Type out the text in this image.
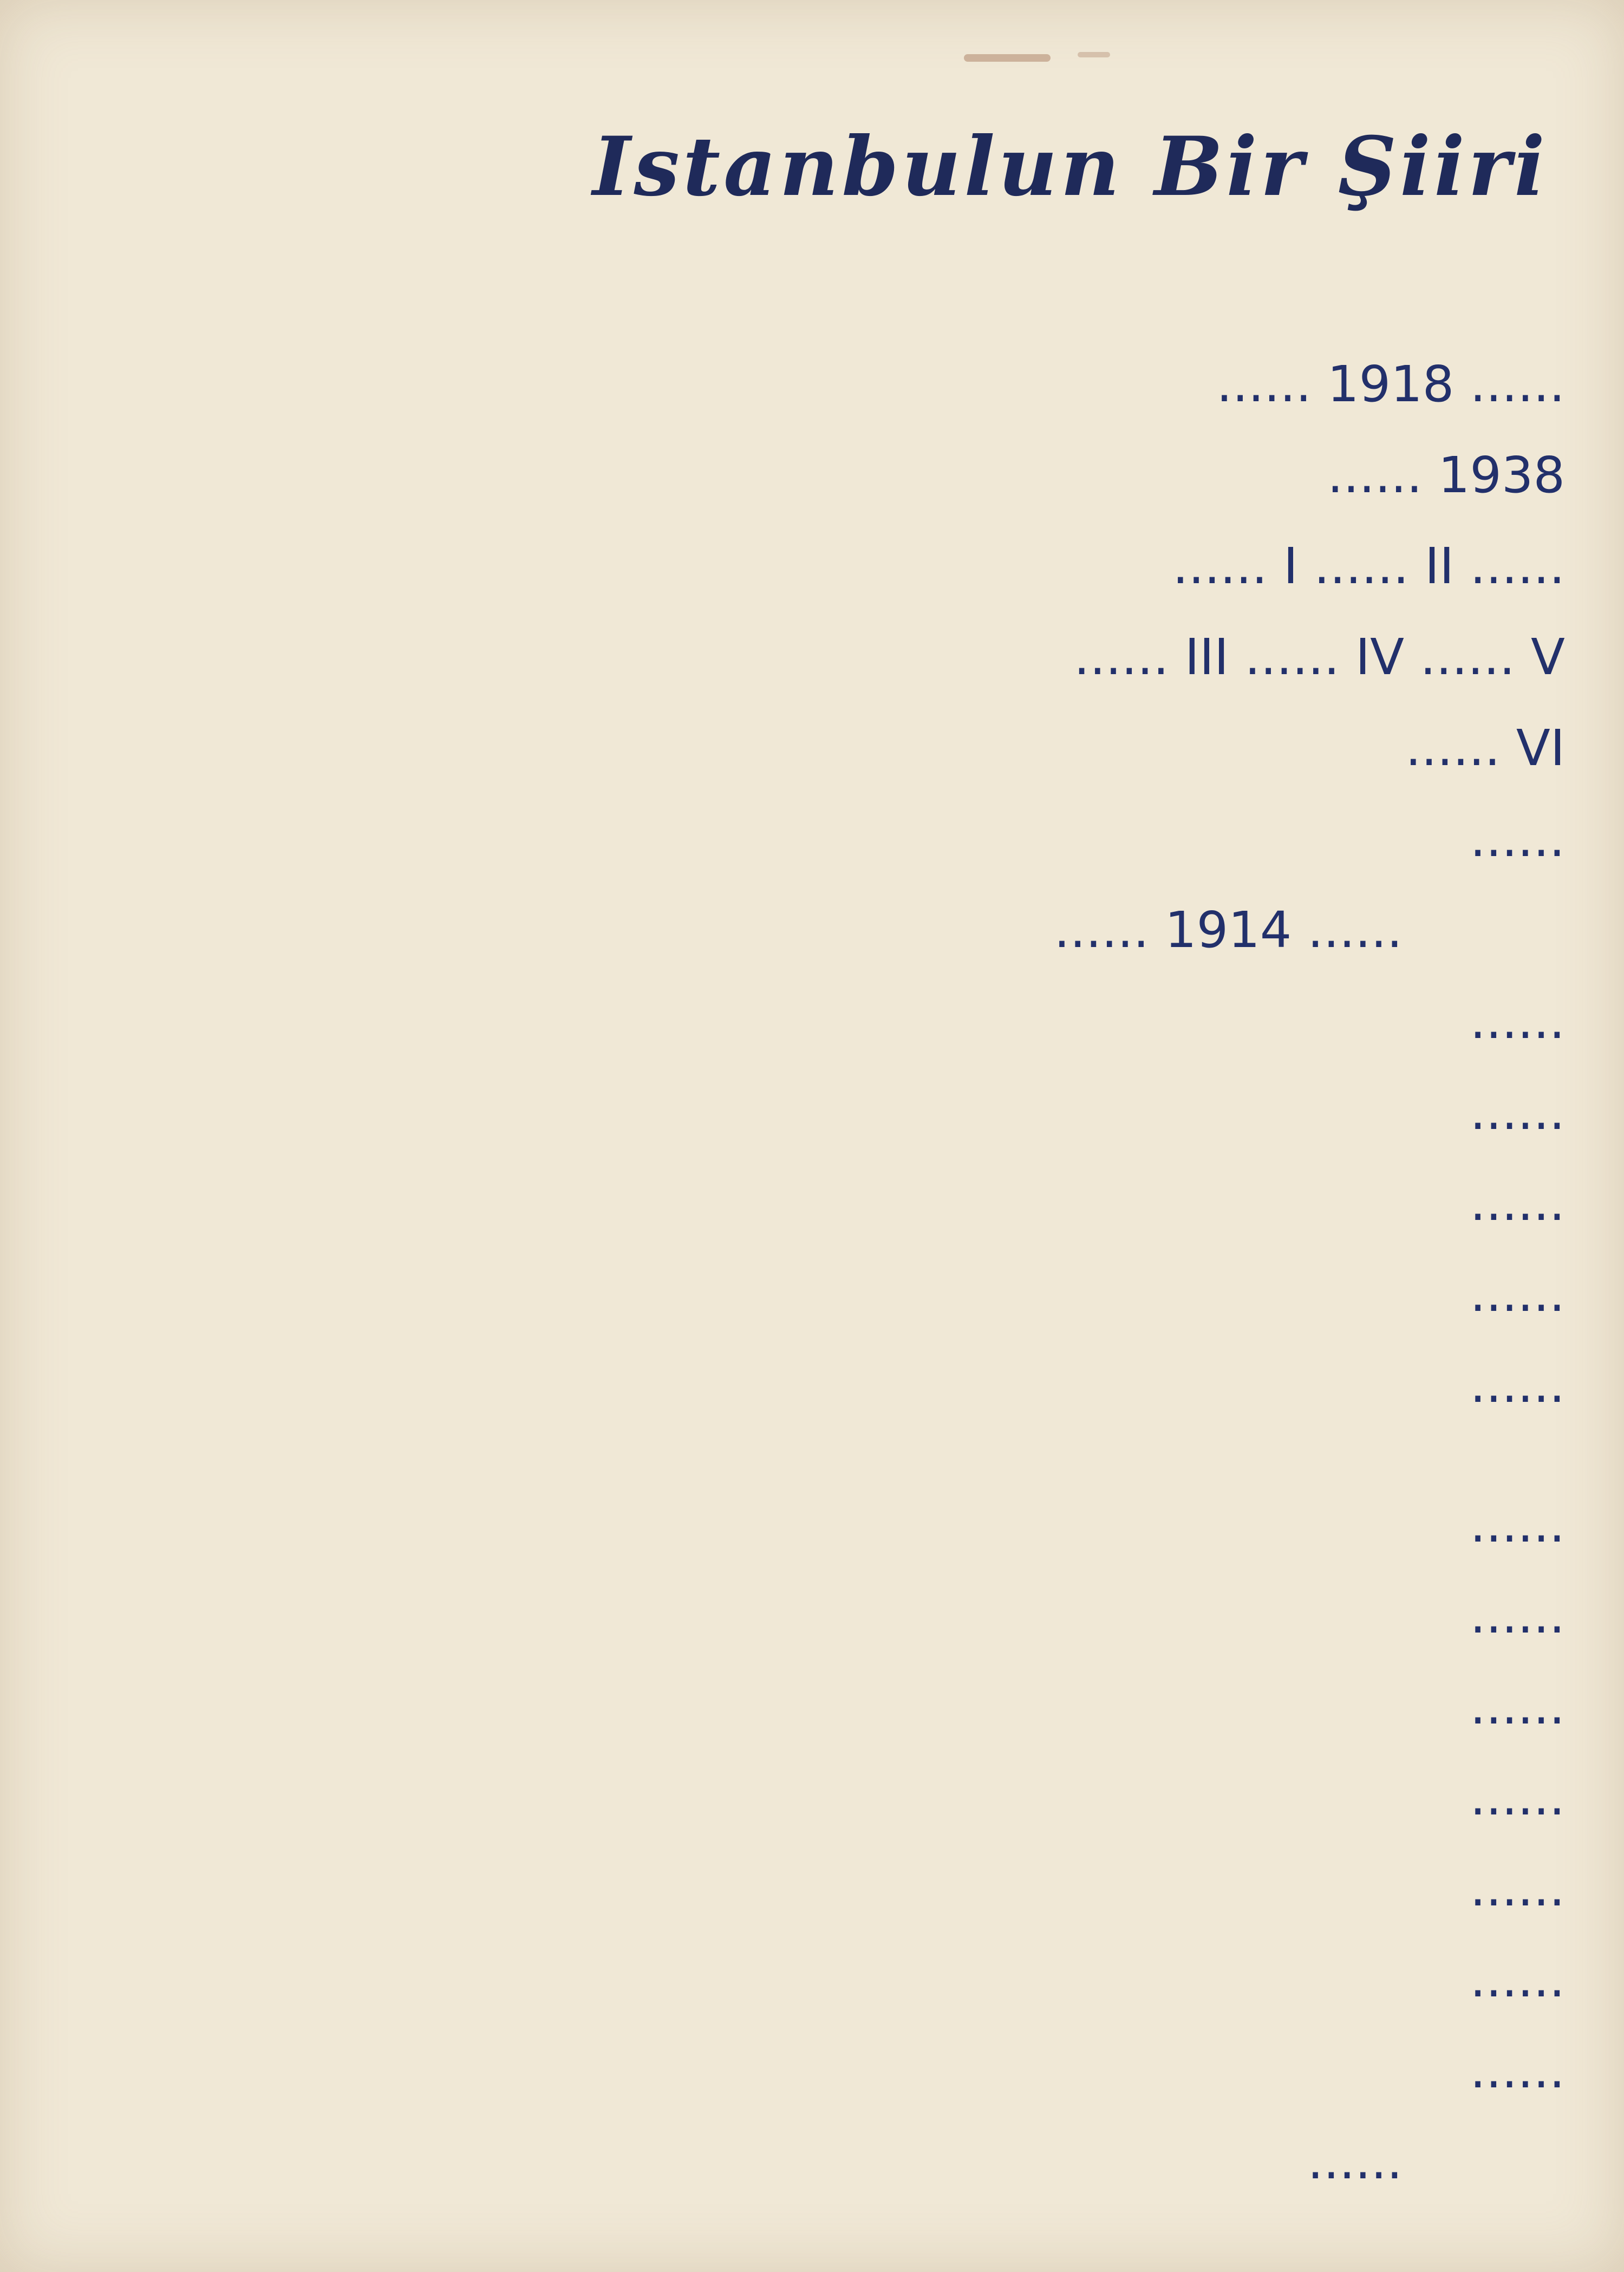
Istanbulun Bir Şiiri
...... 1918 ......
1938 ......
...... I ...... II ......
III ...... IV ...... V ......
VI ......
......
...... 1914 ......
......
......
......
......
......
......
......
......
......
......
......
......
......
